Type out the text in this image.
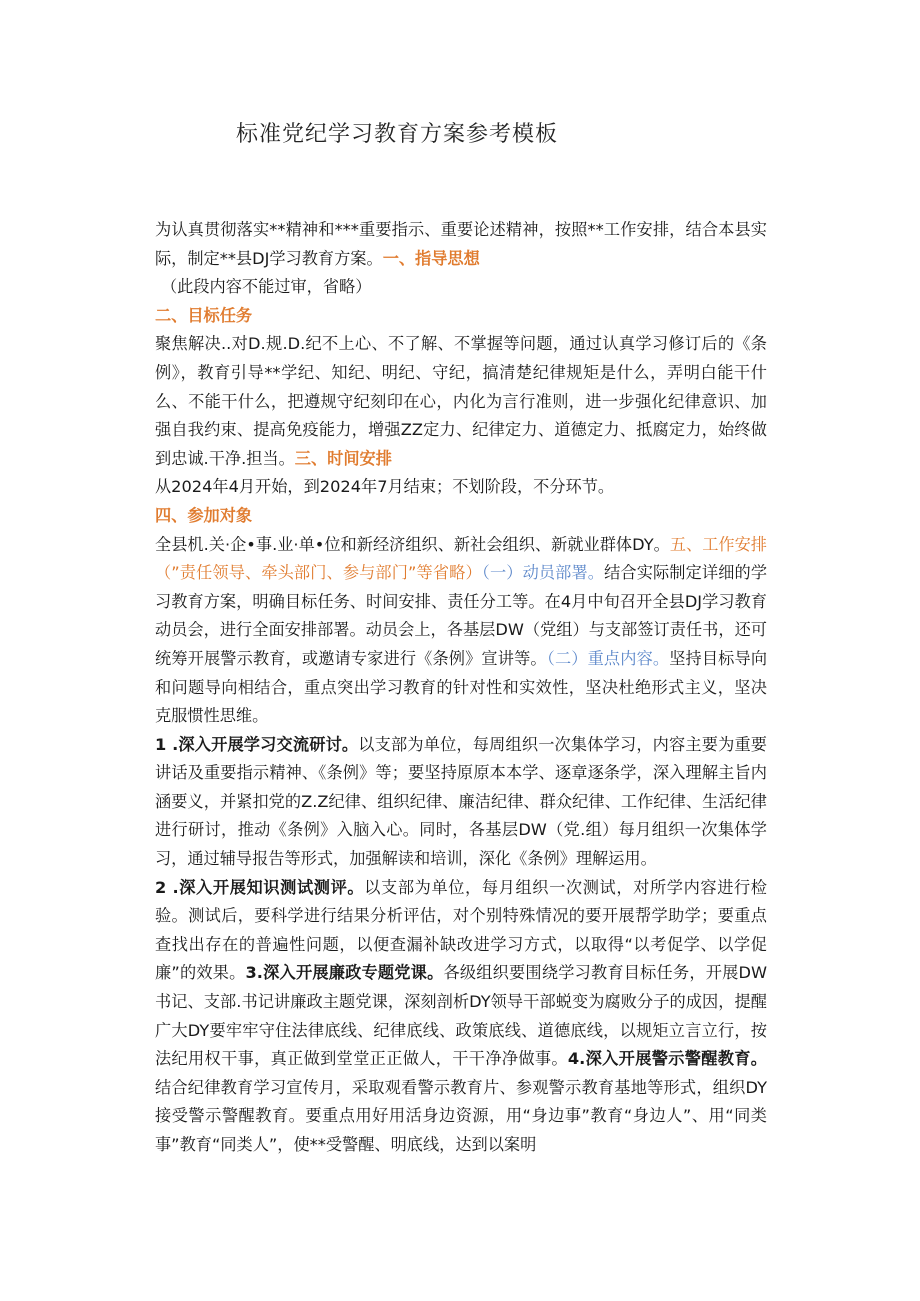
标准党纪学习教育方案参考模板

为认真贯彻落实**精神和***重要指示、重要论述精神，按照**工作安排，结合本县实际，制定**县DJ学习教育方案。一、指导思想

（此段内容不能过审，省略）

二、目标任务

聚焦解决..对D.规.D.纪不上心、不了解、不掌握等问题，通过认真学习修订后的《条例》，教育引导**学纪、知纪、明纪、守纪，搞清楚纪律规矩是什么，弄明白能干什么、不能干什么，把遵规守纪刻印在心，内化为言行准则，进一步强化纪律意识、加强自我约束、提高免疫能力，增强ZZ定力、纪律定力、道德定力、抵腐定力，始终做到忠诚.干净.担当。三、时间安排

从2024年4月开始，到2024年7月结束；不划阶段，不分环节。

四、参加对象

全县机.关·企•事.业·单•位和新经济组织、新社会组织、新就业群体DY。五、工作安排（”责任领导、牵头部门、参与部门”等省略）（一）动员部署。结合实际制定详细的学习教育方案，明确目标任务、时间安排、责任分工等。在4月中旬召开全县DJ学习教育动员会，进行全面安排部署。动员会上，各基层DW（党组）与支部签订责任书，还可统筹开展警示教育，或邀请专家进行《条例》宣讲等。（二）重点内容。坚持目标导向和问题导向相结合，重点突出学习教育的针对性和实效性，坚决杜绝形式主义，坚决克服惯性思维。

1 .深入开展学习交流研讨。以支部为单位，每周组织一次集体学习，内容主要为重要讲话及重要指示精神、《条例》等；要坚持原原本本学、逐章逐条学，深入理解主旨内涵要义，并紧扣党的Z.Z纪律、组织纪律、廉洁纪律、群众纪律、工作纪律、生活纪律进行研讨，推动《条例》入脑入心。同时，各基层DW（党.组）每月组织一次集体学习，通过辅导报告等形式，加强解读和培训，深化《条例》理解运用。

2 .深入开展知识测试测评。以支部为单位，每月组织一次测试，对所学内容进行检验。测试后，要科学进行结果分析评估，对个别特殊情况的要开展帮学助学；要重点查找出存在的普遍性问题，以便查漏补缺改进学习方式，以取得“以考促学、以学促廉”的效果。3.深入开展廉政专题党课。各级组织要围绕学习教育目标任务，开展DW书记、支部.书记讲廉政主题党课，深刻剖析DY领导干部蜕变为腐败分子的成因，提醒广大DY要牢牢守住法律底线、纪律底线、政策底线、道德底线，以规矩立言立行，按法纪用权干事，真正做到堂堂正正做人，干干净净做事。4.深入开展警示警醒教育。结合纪律教育学习宣传月，采取观看警示教育片、参观警示教育基地等形式，组织DY接受警示警醒教育。要重点用好用活身边资源，用“身边事”教育“身边人”、用“同类事”教育“同类人”，使**受警醒、明底线，达到以案明
